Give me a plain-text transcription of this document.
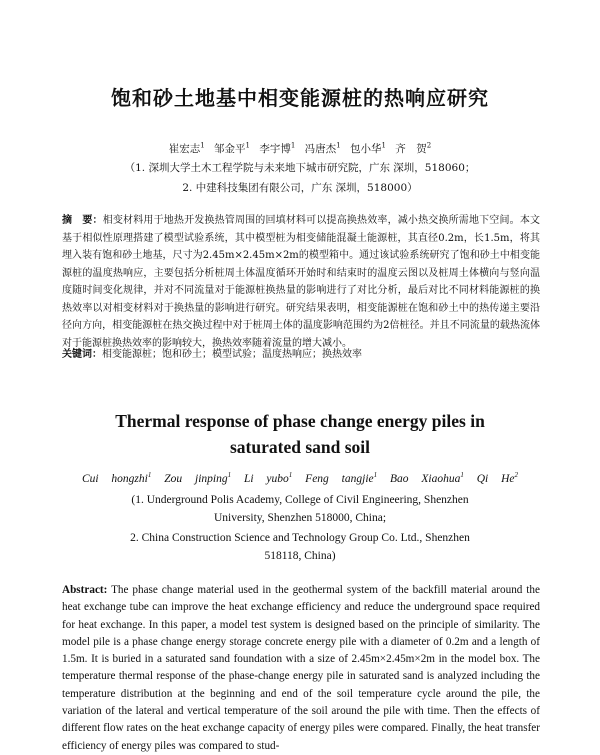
饱和砂土地基中相变能源桩的热响应研究
崔宏志$^1$ 邹金平$^1$ 李宇博$^1$ 冯唐杰$^1$ 包小华$^1$ 齐　贺$^2$
（1. 深圳大学土木工程学院与未来地下城市研究院，广东 深圳，518060；
2. 中建科技集团有限公司，广东 深圳，518000）

摘　要：相变材料用于地热开发换热管周围的回填材料可以提高换热效率，减小热交换所需地下空间。本文基于相似性原理搭建了模型试验系统，其中模型桩为相变储能混凝土能源桩，其直径0.2m，长1.5m，将其埋入装有饱和砂土地基，尺寸为2.45m×2.45m×2m的模型箱中。通过该试验系统研究了饱和砂土中相变能源桩的温度热响应，主要包括分析桩周土体温度循环开始时和结束时的温度云图以及桩周土体横向与竖向温度随时间变化规律，并对不同流量对于能源桩换热量的影响进行了对比分析，最后对比不同材料能源桩的换热效率以对相变材料对于换热量的影响进行研究。研究结果表明，相变能源桩在饱和砂土中的热传递主要沿径向方向，相变能源桩在热交换过程中对于桩周土体的温度影响范围约为2倍桩径。并且不同流量的载热流体对于能源桩换热效率的影响较大，换热效率随着流量的增大减小。

关键词：相变能源桩；饱和砂土；模型试验；温度热响应；换热效率

Thermal response of phase change energy piles in
saturated sand soil
Cui hongzhi$^1$ Zou jinping$^1$ Li yubo$^1$ Feng tangjie$^1$ Bao Xiaohua$^1$ Qi He$^2$
(1. Underground Polis Academy, College of Civil Engineering, Shenzhen
University, Shenzhen 518000, China;
2. China Construction Science and Technology Group Co. Ltd., Shenzhen
518118, China)

Abstract: The phase change material used in the geothermal system of the backfill material around the heat exchange tube can improve the heat exchange efficiency and reduce the underground space required for heat exchange. In this paper, a model test system is designed based on the principle of similarity. The model pile is a phase change energy storage concrete energy pile with a diameter of 0.2m and a length of 1.5m. It is buried in a saturated sand foundation with a size of 2.45m×2.45m×2m in the model box. The temperature thermal response of the phase-change energy pile in saturated sand is analyzed including the temperature distribution at the beginning and end of the soil temperature cycle around the pile, the variation of the lateral and vertical temperature of the soil around the pile with time. Then the effects of different flow rates on the heat exchange capacity of energy piles were compared. Finally, the heat transfer efficiency of energy piles was compared to stud-
